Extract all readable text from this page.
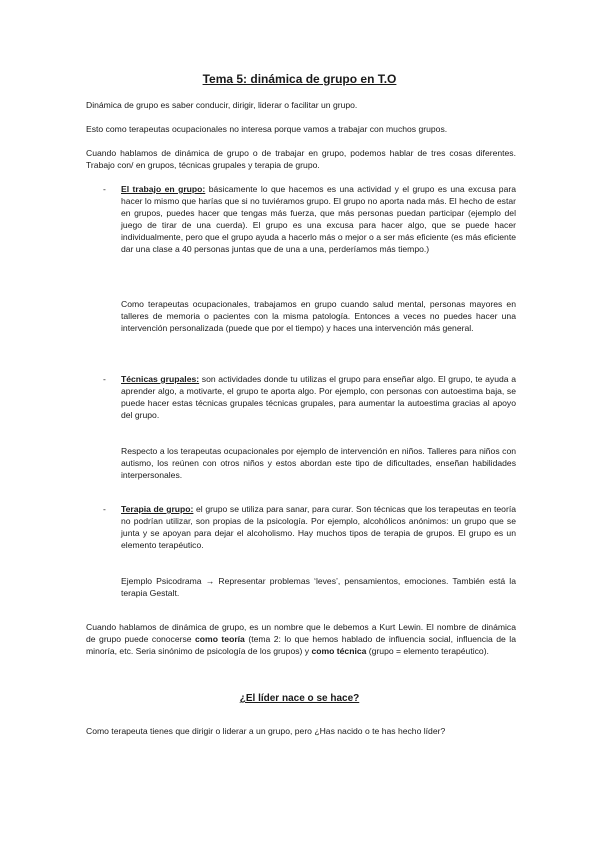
Tema 5: dinámica de grupo en T.O
Dinámica de grupo es saber conducir, dirigir, liderar o facilitar un grupo.
Esto como terapeutas ocupacionales no interesa porque vamos a trabajar con muchos grupos.
Cuando hablamos de dinámica de grupo o de trabajar en grupo, podemos hablar de tres cosas diferentes. Trabajo con/ en grupos, técnicas grupales y terapia de grupo.
-	El trabajo en grupo: básicamente lo que hacemos es una actividad y el grupo es una excusa para hacer lo mismo que harías que si no tuviéramos grupo. El grupo no aporta nada más. El hecho de estar en grupos, puedes hacer que tengas más fuerza, que más personas puedan participar (ejemplo del juego de tirar de una cuerda). El grupo es una excusa para hacer algo, que se puede hacer individualmente, pero que el grupo ayuda a hacerlo más o mejor o a ser más eficiente (es más eficiente dar una clase a 40 personas juntas que de una a una, perderíamos más tiempo.)
Como terapeutas ocupacionales, trabajamos en grupo cuando salud mental, personas mayores en talleres de memoria o pacientes con la misma patología. Entonces a veces no puedes hacer una intervención personalizada (puede que por el tiempo) y haces una intervención más general.
-	Técnicas grupales: son actividades donde tu utilizas el grupo para enseñar algo. El grupo, te ayuda a aprender algo, a motivarte, el grupo te aporta algo. Por ejemplo, con personas con autoestima baja, se puede hacer estas técnicas grupales técnicas grupales, para aumentar la autoestima gracias al apoyo del grupo.
Respecto a los terapeutas ocupacionales por ejemplo de intervención en niños. Talleres para niños con autismo, los reúnen con otros niños y estos abordan este tipo de dificultades, enseñan habilidades interpersonales.
-	Terapia de grupo: el grupo se utiliza para sanar, para curar. Son técnicas que los terapeutas en teoría no podrían utilizar, son propias de la psicología. Por ejemplo, alcohólicos anónimos: un grupo que se junta y se apoyan para dejar el alcoholismo. Hay muchos tipos de terapia de grupos. El grupo es un elemento terapéutico.
Ejemplo Psicodrama → Representar problemas ‘leves’, pensamientos, emociones. También está la terapia Gestalt.
Cuando hablamos de dinámica de grupo, es un nombre que le debemos a Kurt Lewin. El nombre de dinámica de grupo puede conocerse como teoría (tema 2: lo que hemos hablado de influencia social, influencia de la minoría, etc. Seria sinónimo de psicología de los grupos) y como técnica (grupo = elemento terapéutico).
¿El líder nace o se hace?
Como terapeuta tienes que dirigir o liderar a un grupo, pero ¿Has nacido o te has hecho líder?
